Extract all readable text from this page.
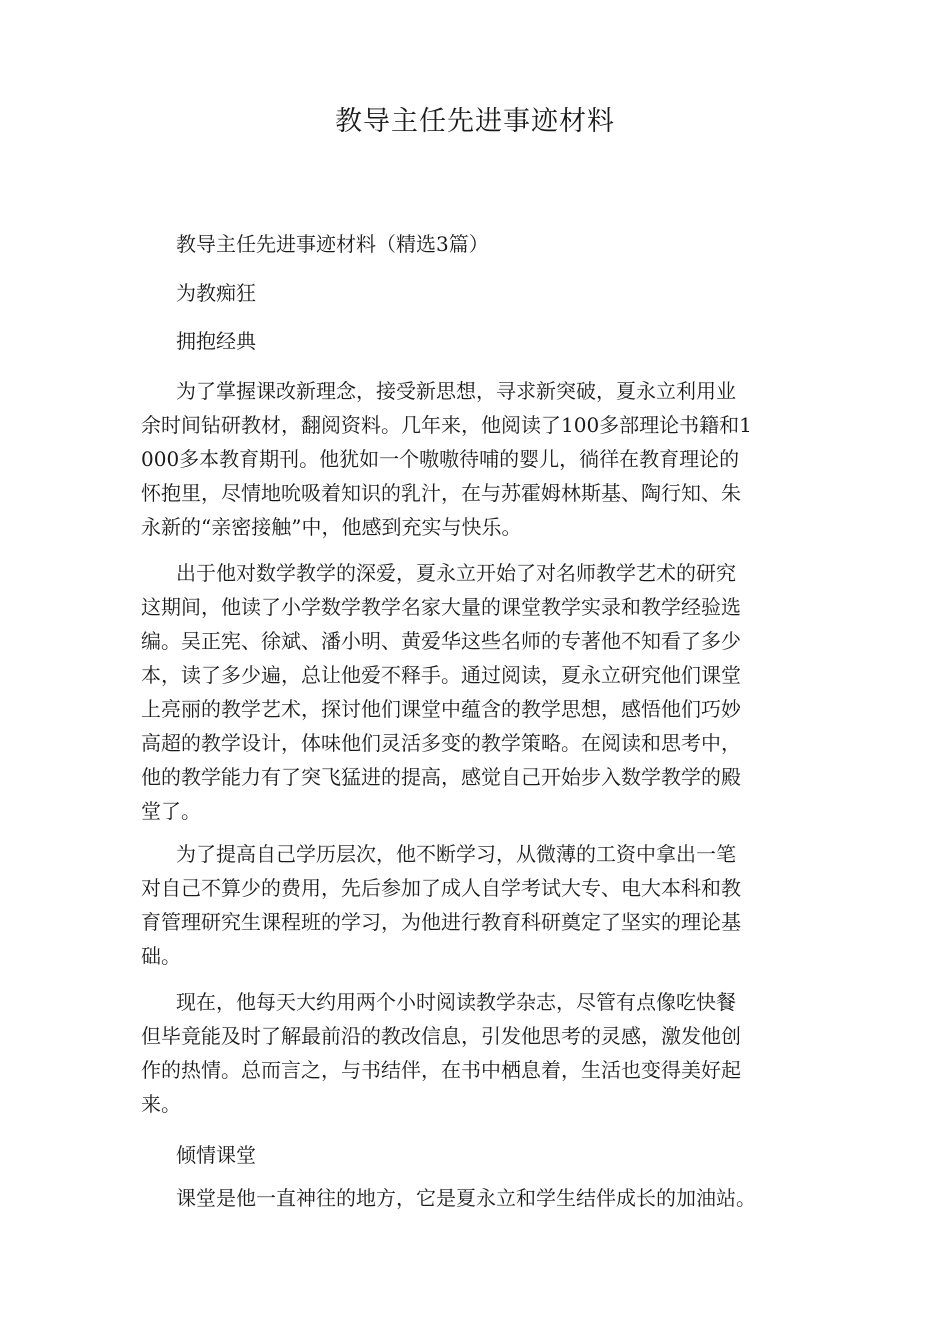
教导主任先进事迹材料
教导主任先进事迹材料（精选3篇）
为教痴狂
拥抱经典
为了掌握课改新理念，接受新思想，寻求新突破，夏永立利用业
余时间钻研教材，翻阅资料。几年来，他阅读了100多部理论书籍和1
000多本教育期刊。他犹如一个嗷嗷待哺的婴儿，徜徉在教育理论的
怀抱里，尽情地吮吸着知识的乳汁，在与苏霍姆林斯基、陶行知、朱
永新的“亲密接触”中，他感到充实与快乐。
出于他对数学教学的深爱，夏永立开始了对名师教学艺术的研究
这期间，他读了小学数学教学名家大量的课堂教学实录和教学经验选
编。吴正宪、徐斌、潘小明、黄爱华这些名师的专著他不知看了多少
本，读了多少遍，总让他爱不释手。通过阅读，夏永立研究他们课堂
上亮丽的教学艺术，探讨他们课堂中蕴含的教学思想，感悟他们巧妙
高超的教学设计，体味他们灵活多变的教学策略。在阅读和思考中，
他的教学能力有了突飞猛进的提高，感觉自己开始步入数学教学的殿
堂了。
为了提高自己学历层次，他不断学习，从微薄的工资中拿出一笔
对自己不算少的费用，先后参加了成人自学考试大专、电大本科和教
育管理研究生课程班的学习，为他进行教育科研奠定了坚实的理论基
础。
现在，他每天大约用两个小时阅读教学杂志，尽管有点像吃快餐
但毕竟能及时了解最前沿的教改信息，引发他思考的灵感，激发他创
作的热情。总而言之，与书结伴，在书中栖息着，生活也变得美好起
来。
倾情课堂
课堂是他一直神往的地方，它是夏永立和学生结伴成长的加油站。
